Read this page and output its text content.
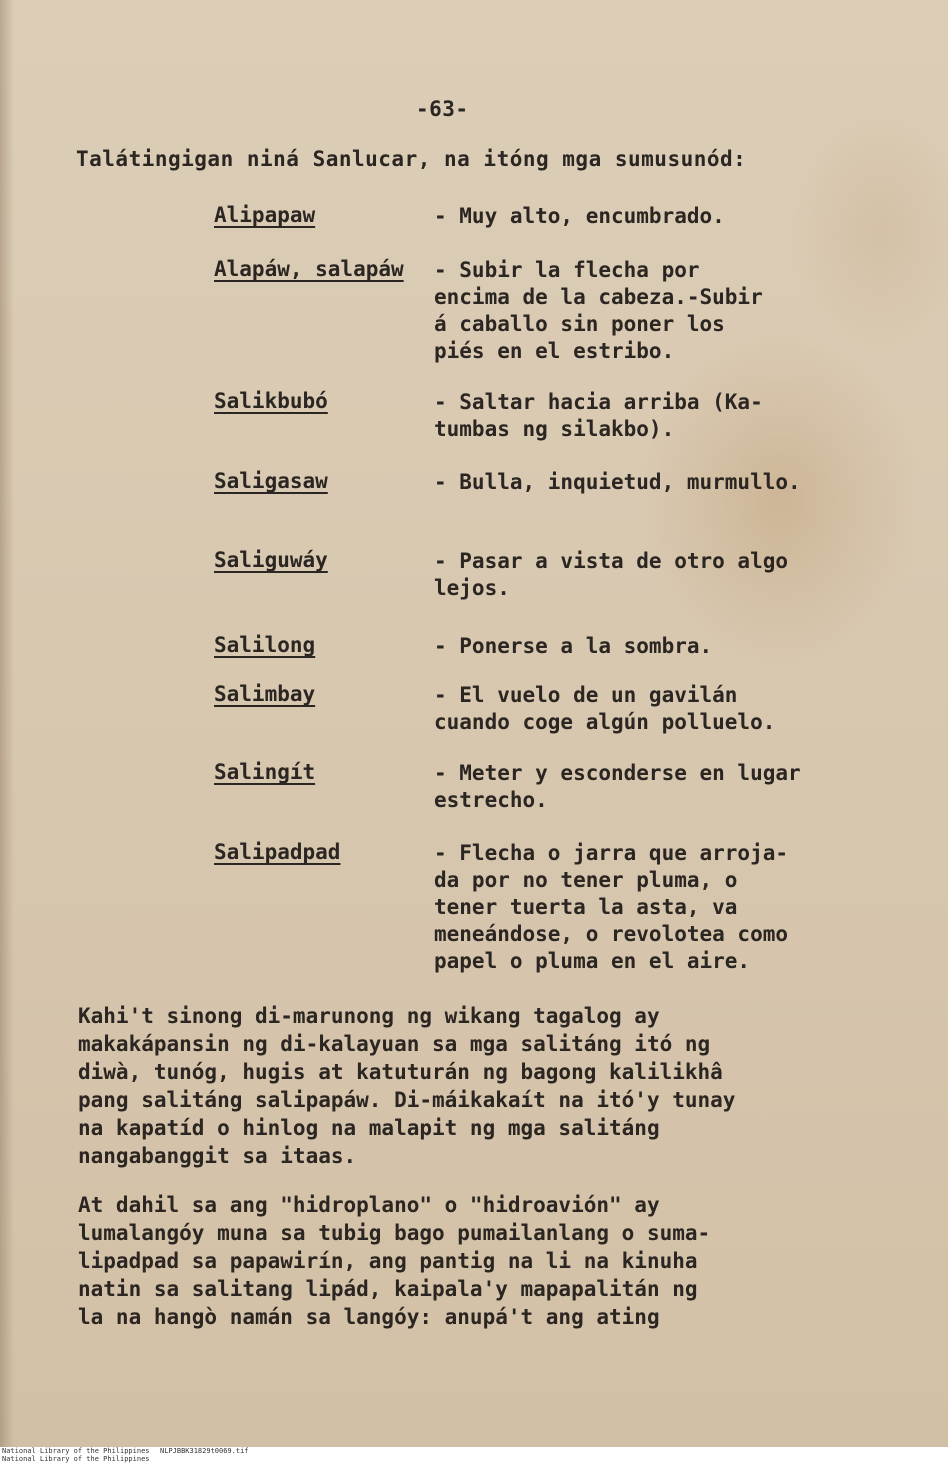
-63-
Talátingigan niná Sanlucar, na itóng mga sumusunód:
Alipapaw	- Muy alto, encumbrado.
Alapáw, salapáw - Subir la flecha por
encima de la cabeza.-Subir
á caballo sin poner los
piés en el estribo.
Salikbubó	- Saltar hacia arriba (Ka-
tumbas ng silakbo).
Saligasaw	- Bulla, inquietud, murmullo.
Saliguwáy	- Pasar a vista de otro algo
lejos.
Salilong	- Ponerse a la sombra.
Salimbay	- El vuelo de un gavilán
cuando coge algún polluelo.
Salingít	- Meter y esconderse en lugar
estrecho.
Salipadpad	- Flecha o jarra que arroja-
da por no tener pluma, o
tener tuerta la asta, va
meneándose, o revolotea como
papel o pluma en el aire.
Kahi't sinong di-marunong ng wikang tagalog ay
makakápansin ng di-kalayuan sa mga salitáng itó ng
diwà, tunóg, hugis at katuturán ng bagong kalilikhâ
pang salitáng salipapáw. Di-máikakaít na itó'y tunay
na kapatíd o hinlog na malapit ng mga salitáng
nangabanggit sa itaas.
At dahil sa ang "hidroplano" o "hidroavión" ay
lumalangóy muna sa tubig bago pumailanlang o suma-
lipadpad sa papawirín, ang pantig na li na kinuha
natin sa salitang lipád, kaipala'y mapapalitán ng
la na hangò namán sa langóy: anupá't ang ating
National Library of the Philippines
National Library of the Philippines
NLPJBBK31829t0069.tif
